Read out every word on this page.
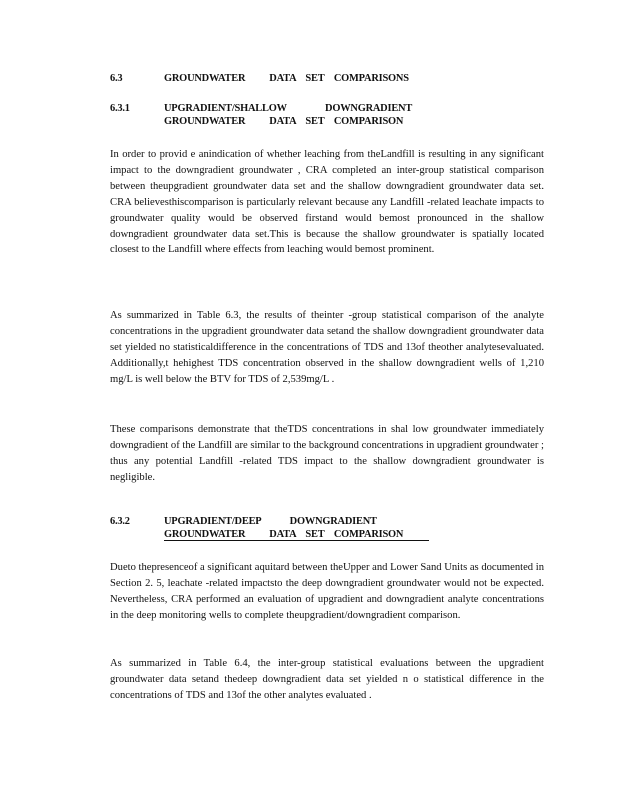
6.3	GROUNDWATER          DATA    SET    COMPARISONS
6.3.1	UPGRADIENT/SHALLOW                DOWNGRADIENT
GROUNDWATER          DATA    SET    COMPARISON

In order to provid e anindication of whether leaching from theLandfill is resulting in any significant impact to the downgradient groundwater , CRA completed an inter-group statistical comparison between theupgradient groundwater data set and the shallow downgradient groundwater data set. CRA believesthiscomparison is particularly relevant because any Landfill -related leachate impacts to groundwater quality would be observed firstand would bemost pronounced in the shallow downgradient groundwater data set.This is because the shallow groundwater is spatially located closest to the Landfill where effects from leaching would bemost prominent.

As summarized in Table 6.3, the results of theinter -group statistical comparison of the analyte concentrations in the upgradient groundwater data setand the shallow downgradient groundwater data set yielded no statisticaldifference in the concentrations of TDS and 13of theother analytesevaluated. Additionally,t hehighest TDS concentration observed in the shallow downgradient wells of 1,210 mg/L is well below the BTV for TDS of 2,539mg/L .

These comparisons demonstrate that theTDS concentrations in shal low groundwater immediately downgradient of the Landfill are similar to the background concentrations in upgradient groundwater ; thus any potential Landfill -related TDS impact to the shallow downgradient groundwater is negligible.

6.3.2	UPGRADIENT/DEEP            DOWNGRADIENT
GROUNDWATER          DATA    SET    COMPARISON

Dueto thepresenceof a significant aquitard between theUpper and Lower Sand Units as documented in Section 2. 5, leachate -related impactsto the deep downgradient groundwater would not be expected. Nevertheless, CRA performed an evaluation of upgradient and downgradient analyte concentrations in the deep monitoring wells to complete theupgradient/downgradient comparison.

As summarized in Table 6.4, the inter-group statistical evaluations between the upgradient groundwater data setand thedeep downgradient data set yielded n o statistical difference in the concentrations of TDS and 13of the other analytes evaluated .
